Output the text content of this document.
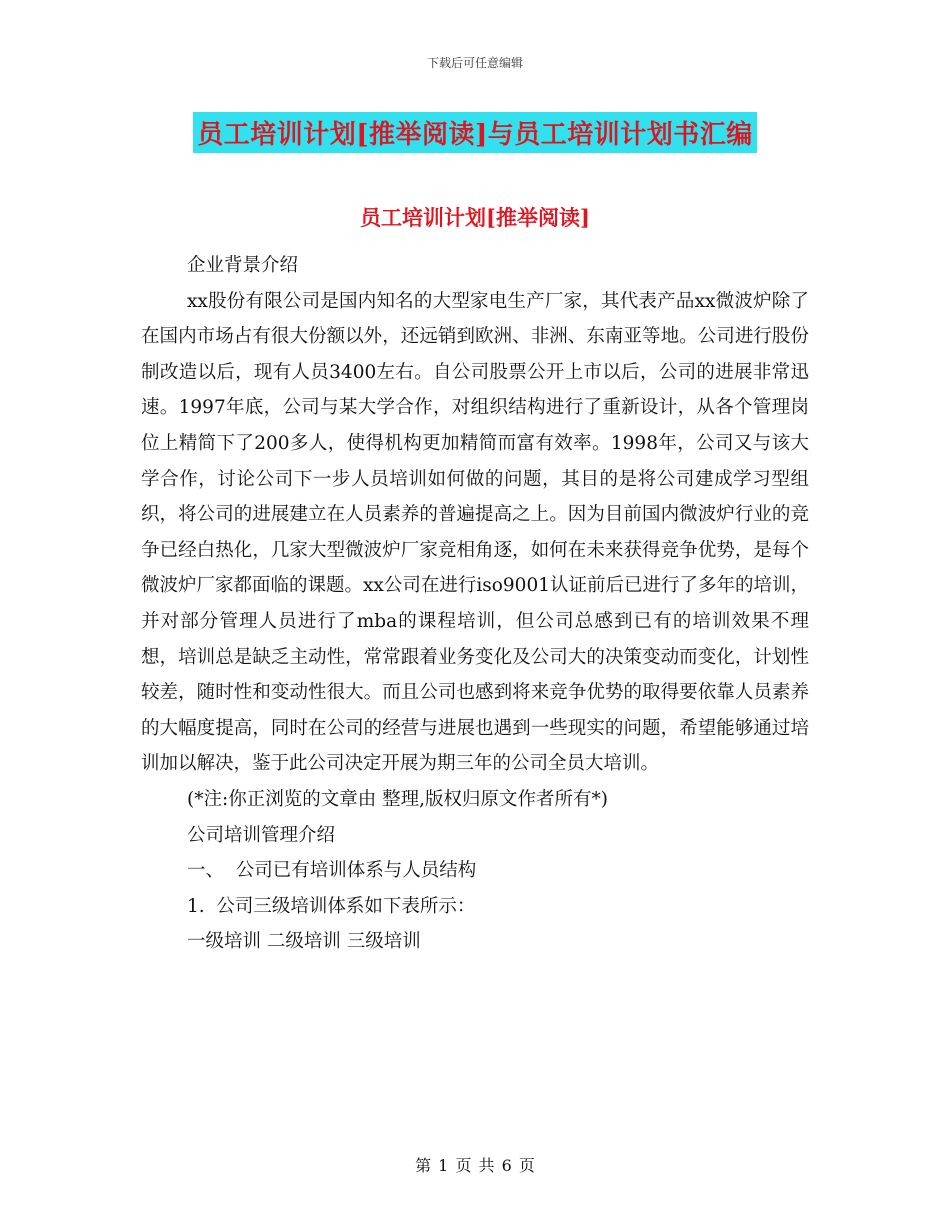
下载后可任意编辑
员工培训计划[推举阅读]与员工培训计划书汇编
员工培训计划[推举阅读]

企业背景介绍

xx股份有限公司是国内知名的大型家电生产厂家，其代表产品xx微波炉除了在国内市场占有很大份额以外，还远销到欧洲、非洲、东南亚等地。公司进行股份制改造以后，现有人员3400左右。自公司股票公开上市以后，公司的进展非常迅速。1997年底，公司与某大学合作，对组织结构进行了重新设计，从各个管理岗位上精简下了200多人，使得机构更加精简而富有效率。1998年，公司又与该大学合作，讨论公司下一步人员培训如何做的问题，其目的是将公司建成学习型组织，将公司的进展建立在人员素养的普遍提高之上。因为目前国内微波炉行业的竞争已经白热化，几家大型微波炉厂家竞相角逐，如何在未来获得竞争优势，是每个微波炉厂家都面临的课题。xx公司在进行iso9001认证前后已进行了多年的培训，并对部分管理人员进行了mba的课程培训，但公司总感到已有的培训效果不理想，培训总是缺乏主动性，常常跟着业务变化及公司大的决策变动而变化，计划性较差，随时性和变动性很大。而且公司也感到将来竞争优势的取得要依靠人员素养的大幅度提高，同时在公司的经营与进展也遇到一些现实的问题，希望能够通过培训加以解决，鉴于此公司决定开展为期三年的公司全员大培训。

(*注:你正浏览的文章由 整理,版权归原文作者所有*)

公司培训管理介绍

一、  公司已有培训体系与人员结构

1.  公司三级培训体系如下表所示：

一级培训 二级培训 三级培训

第 1 页 共 6 页
